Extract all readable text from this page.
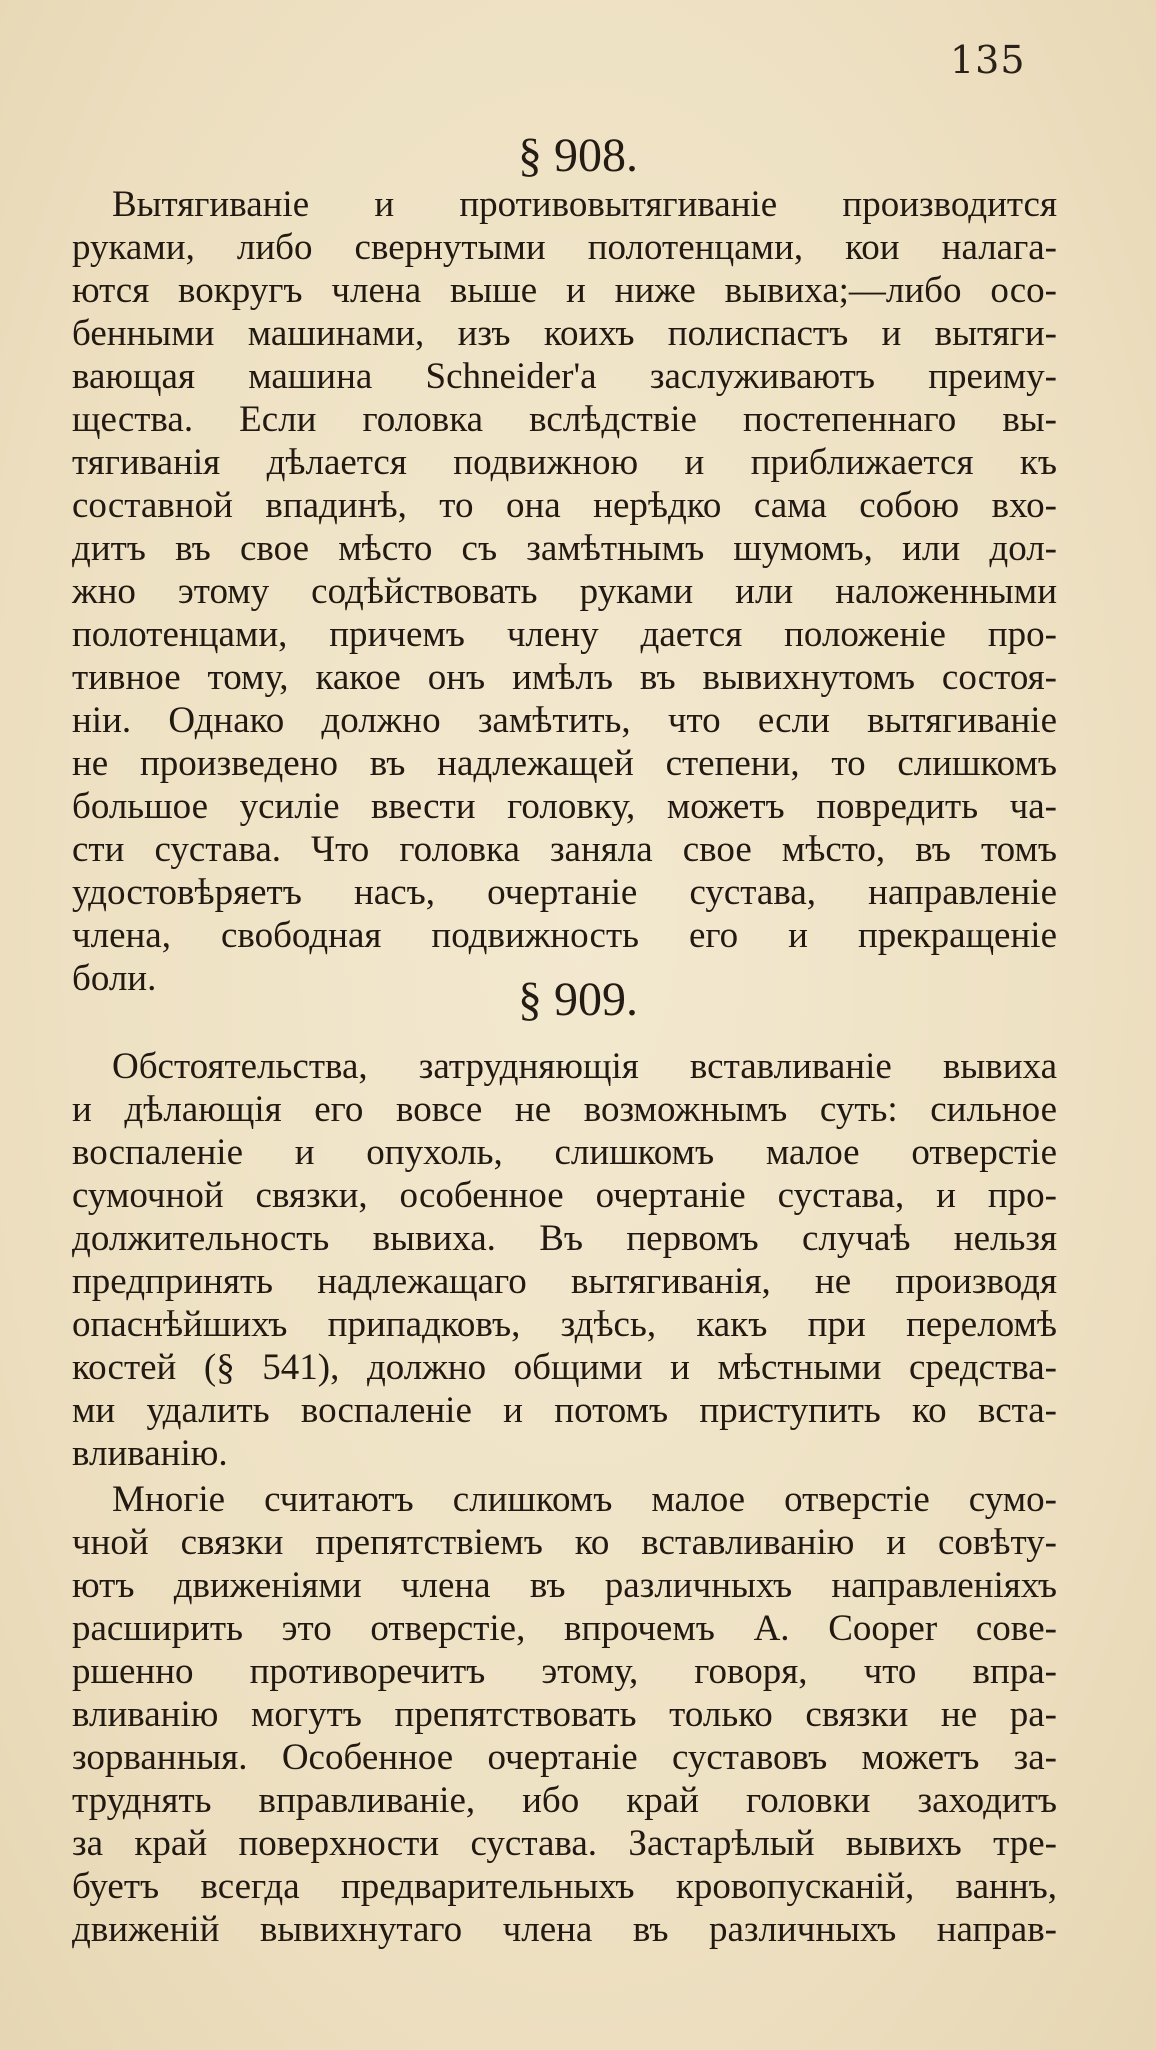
135
§ 908.
Вытягиванiе и противовытягиванiе производится
руками, либо свернутыми полотенцами, кои налага-
ются вокругъ члена выше и ниже вывиха;—либо осо-
бенными машинами, изъ коихъ полиспастъ и вытяги-
вающая машина Schneider'а заслуживаютъ преиму-
щества. Если головка вслѣдствiе постепеннаго вы-
тягиванiя дѣлается подвижною и приближается къ
составной впадинѣ, то она нерѣдко сама собою вхо-
дитъ въ свое мѣсто съ замѣтнымъ шумомъ, или дол-
жно этому содѣйствовать руками или наложенными
полотенцами, причемъ члену дается положенiе про-
тивное тому, какое онъ имѣлъ въ вывихнутомъ состоя-
нiи. Однако должно замѣтить, что если вытягиванiе
не произведено въ надлежащей степени, то слишкомъ
большое усилiе ввести головку, можетъ повредить ча-
сти сустава. Что головка заняла свое мѣсто, въ томъ
удостовѣряетъ насъ, очертанiе сустава, направленiе
члена, свободная подвижность его и прекращенiе
боли.	§ 909.
Обстоятельства, затрудняющiя вставливанiе вывиха
и дѣлающiя его вовсе не возможнымъ суть: сильное
воспаленiе и опухоль, слишкомъ малое отверстiе
сумочной связки, особенное очертанiе сустава, и про-
должительность вывиха. Въ первомъ случаѣ нельзя
предпринять надлежащаго вытягиванiя, не производя
опаснѣйшихъ припадковъ, здѣсь, какъ при переломѣ
костей (§ 541), должно общими и мѣстными средства-
ми удалить воспаленiе и потомъ приступить ко вста-
вливанiю.
Многiе считаютъ слишкомъ малое отверстiе сумо-
чной связки препятствiемъ ко вставливанiю и совѣту-
ютъ движенiями члена въ различныхъ направленiяхъ
расширить это отверстiе, впрочемъ A. Cooper совe-
ршенно противоречитъ этому, говоря, что впра-
вливанiю могутъ препятствовать только связки не ра-
зорванныя. Особенное очертанiе суставовъ можетъ за-
труднять вправливанiе, ибо край головки заходитъ
за край поверхности сустава. Застарѣлый вывихъ тре-
буетъ всегда предварительныхъ кровопусканiй, ваннъ,
движенiй вывихнутаго члена въ различныхъ направ-
